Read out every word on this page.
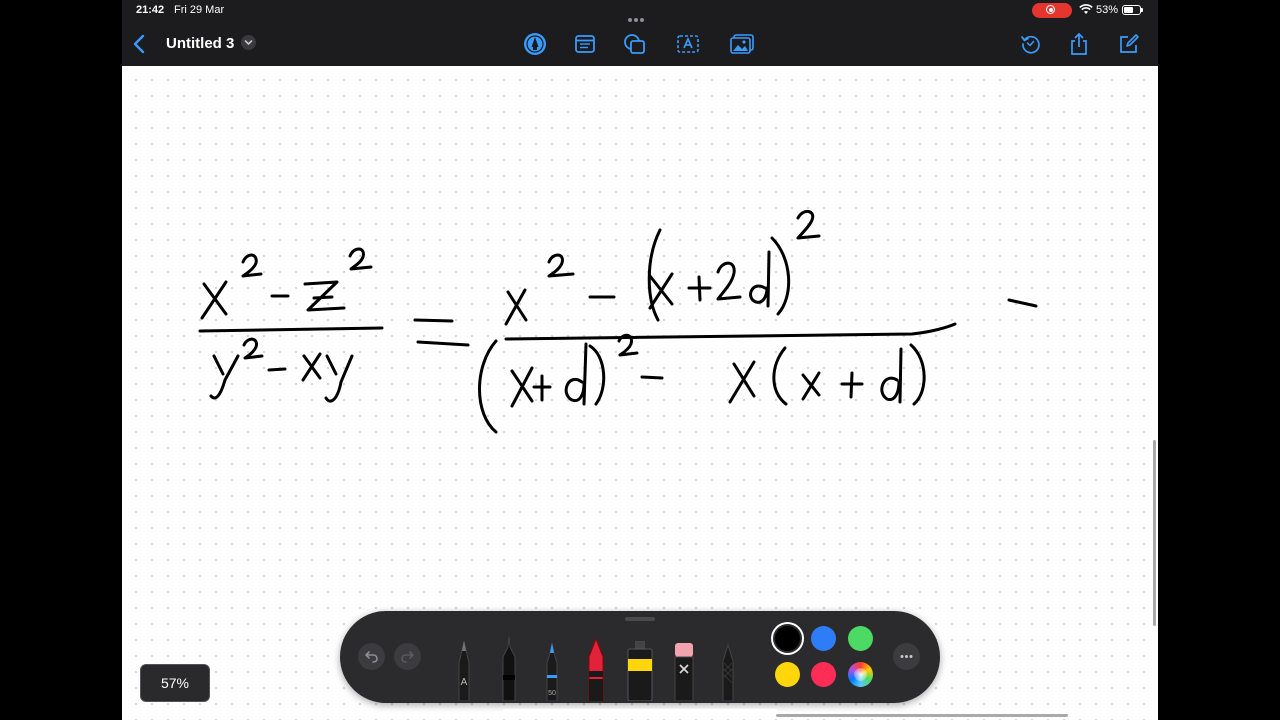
21:42 Fri 29 Mar	53%
Untitled 3
57%	A
50
